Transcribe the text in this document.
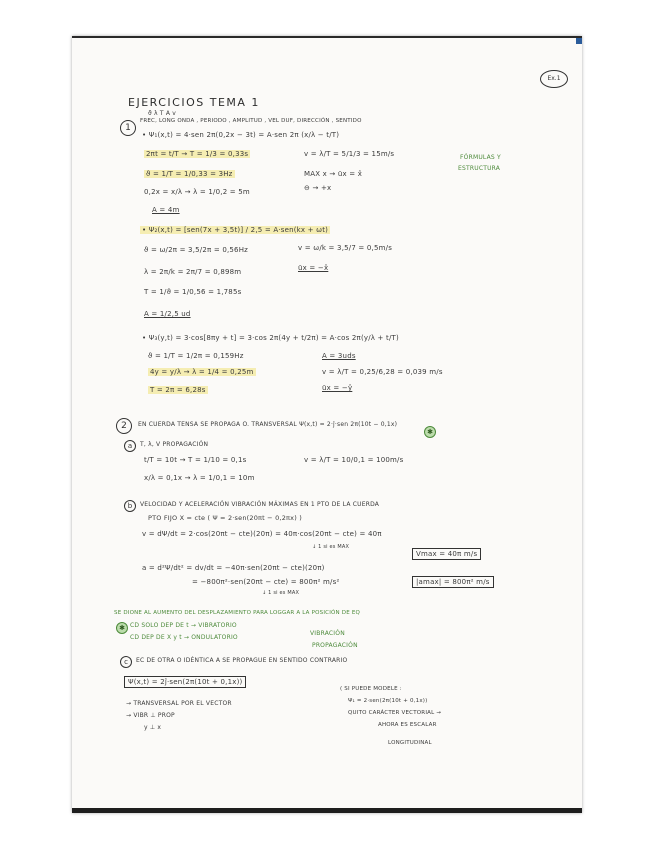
EJERCICIOS TEMA 1
Ex.1
1
ϑ λ T A v
FREC, LONG ONDA , PERIODO , AMPLITUD , VEL DUF, DIRECCIÓN , SENTIDO
• Ψ₁(x,t) = 4·sen 2π(0,2x − 3t) = A·sen 2π (x/λ − t/T)
2πt = t/T → T = 1/3 = 0,33s	v = λ/T = 5/1/3 = 15m/s	FÓRMULAS Y
ESTRUCTURA
ϑ = 1/T = 1/0,33 = 3Hz	MAX x → ūx = x̂
0,2x = x/λ → λ = 1/0,2 = 5m	⊖ → +x
A = 4m
• Ψ₂(x,t) = [sen(7x + 3,5t)] / 2,5 = A·sen(kx + ωt)
ϑ = ω/2π = 3,5/2π = 0,56Hz	v = ω/k = 3,5/7 = 0,5m/s
λ = 2π/k = 2π/7 = 0,898m	ūx = −x̂
T = 1/ϑ = 1/0,56 = 1,785s
A = 1/2,5 ud
• Ψ₃(y,t) = 3·cos[8πy + t] = 3·cos 2π(4y + t/2π) = A·cos 2π(y/λ + t/T)
ϑ = 1/T = 1/2π = 0,159Hz	A = 3uds
4y = y/λ → λ = 1/4 = 0,25m	v = λ/T = 0,25/6,28 = 0,039 m/s
T = 2π = 6,28s	ūx = −ŷ
2	EN CUERDA TENSA SE PROPAGA O. TRANSVERSAL Ψ(x,t) = 2·ĵ·sen 2π(10t − 0,1x)
✱
a	T, λ, V PROPAGACIÓN
t/T = 10t → T = 1/10 = 0,1s	v = λ/T = 10/0,1 = 100m/s
x/λ = 0,1x → λ = 1/0,1 = 10m
b	VELOCIDAD Y ACELERACIÓN VIBRACIÓN MÁXIMAS EN 1 PTO DE LA CUERDA
PTO FIJO X = cte ( Ψ = 2·sen(20πt − 0,2πx) )
v = dΨ/dt = 2·cos(20πt − cte)(20π) = 40π·cos(20πt − cte) = 40π
↓ 1 si es MAX
Vmax = 40π m/s
a = d²Ψ/dt² = dv/dt = −40π·sen(20πt − cte)(20π)
= −800π²·sen(20πt − cte) = 800π² m/s²
↓ 1 si es MAX
|amax| = 800π² m/s
SE DIONE AL AUMENTO DEL DESPLAZAMIENTO PARA LOGGAR A LA POSICIÓN DE EQ
✱ CD SOLO DEP DE t → VIBRATORIO
CD DEP DE X y t → ONDULATORIO
VIBRACIÓN
PROPAGACIÓN
c	EC DE OTRA O IDÉNTICA A SE PROPAGUE EN SENTIDO CONTRARIO
Ψ(x,t) = 2ĵ·sen(2π(10t + 0,1x))
→ TRANSVERSAL POR EL VECTOR
→ VIBR ⊥ PROP
y ⊥ x
( SI PUEDE MODELE :
Ψ₁ = 2·sen(2π(10t + 0,1x))
QUITO CARÁCTER VECTORIAL →
AHORA ES ESCALAR
LONGITUDINAL
